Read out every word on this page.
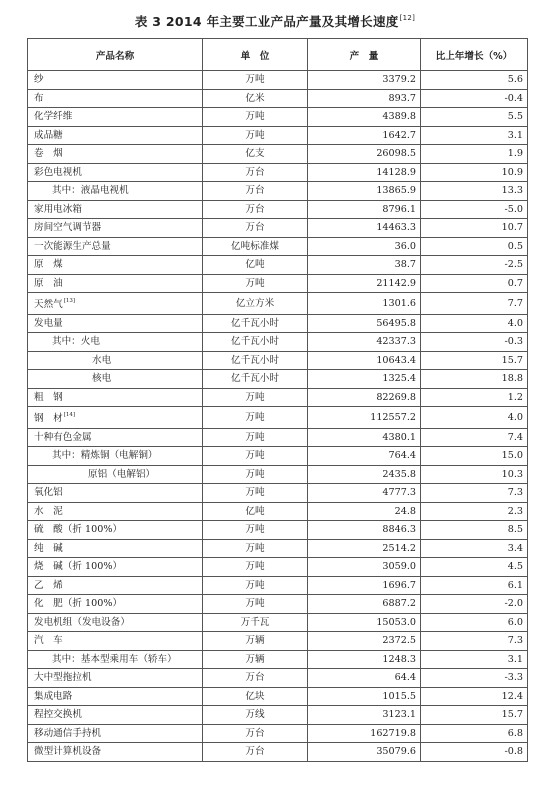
表 3 2014 年主要工业产品产量及其增长速度[12]
产品名称	单　位	产　量	比上年增长（%）
纱	万吨	3379.2	5.6
布	亿米	893.7	-0.4
化学纤维	万吨	4389.8	5.5
成品糖	万吨	1642.7	3.1
卷　烟	亿支	26098.5	1.9
彩色电视机	万台	14128.9	10.9
其中：液晶电视机	万台	13865.9	13.3
家用电冰箱	万台	8796.1	-5.0
房间空气调节器	万台	14463.3	10.7
一次能源生产总量	亿吨标准煤	36.0	0.5
原　煤	亿吨	38.7	-2.5
原　油	万吨	21142.9	0.7
天然气[13]	亿立方米	1301.6	7.7
发电量	亿千瓦小时	56495.8	4.0
其中：火电	亿千瓦小时	42337.3	-0.3
水电	亿千瓦小时	10643.4	15.7
核电	亿千瓦小时	1325.4	18.8
粗　钢	万吨	82269.8	1.2
钢　材[14]	万吨	112557.2	4.0
十种有色金属	万吨	4380.1	7.4
其中：精炼铜（电解铜）	万吨	764.4	15.0
原铝（电解铝）	万吨	2435.8	10.3
氧化铝	万吨	4777.3	7.3
水　泥	亿吨	24.8	2.3
硫　酸（折 100%）	万吨	8846.3	8.5
纯　碱	万吨	2514.2	3.4
烧　碱（折 100%）	万吨	3059.0	4.5
乙　烯	万吨	1696.7	6.1
化　肥（折 100%）	万吨	6887.2	-2.0
发电机组（发电设备）	万千瓦	15053.0	6.0
汽　车	万辆	2372.5	7.3
其中：基本型乘用车（轿车）	万辆	1248.3	3.1
大中型拖拉机	万台	64.4	-3.3
集成电路	亿块	1015.5	12.4
程控交换机	万线	3123.1	15.7
移动通信手持机	万台	162719.8	6.8
微型计算机设备	万台	35079.6	-0.8
